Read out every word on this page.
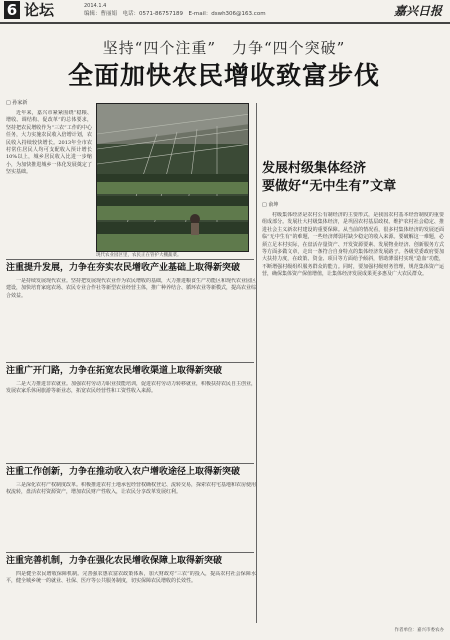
6 论坛	2014.1.4
编辑：曹丽娟　电话：0571-86757189　E-mail：dswh306@163.com	嘉兴日报
坚持“四个注重”　力争“四个突破”
全面加快农民增收致富步伐
□ 孙家新

近年来，嘉兴市紧紧围绕“稳粮、增收、调结构、促改革”的总体要求，坚持把农民增收作为“三农”工作的中心任务，大力实施农民收入倍增计划，农民收入持续较快增长。2013年全市农村常住居民人均可支配收入预计增长10%以上，城乡居民收入比进一步缩小，为加快推进城乡一体化发展奠定了坚实基础。

现代农业园区里，农民正在管护大棚蔬菜。
发展村级集体经济
要做好“无中生有”文章
□ 俞坤

村级集体经济是农村公有制经济的主要形式，是我国农村基本经营制度的重要组成部分。发展壮大村级集体经济，是巩固农村基层政权、维护农村社会稳定、推进社会主义新农村建设的重要保障。从当前的情况看，很多村集体经济的发展还面临“无中生有”的难题，一些经济薄弱村缺少稳定的收入来源。要破解这一难题，必须立足本村实际，在盘活存量资产、开发资源要素、发展物业经济、创新服务方式等方面多做文章，走出一条符合自身特点的集体经济发展路子。各级党委政府要加大扶持力度，在政策、资金、项目等方面给予倾斜，帮助薄弱村实现“造血”功能，不断增强村级组织服务群众的能力。同时，要加强村级财务管理，规范集体资产运营，确保集体资产保值增值，让集体经济发展成果更多惠及广大农民群众。

注重提升发展，力争在夯实农民增收产业基础上取得新突破

一是持续发展现代农业。坚持把发展现代农业作为农民增收的基础，大力推进粮食生产功能区和现代农业园区建设，加快培育家庭农场、农民专业合作社等新型农业经营主体，推广种养结合、循环农业等新模式，提高农业综合效益。

注重广开门路，力争在拓宽农民增收渠道上取得新突破

二是大力推进非农就业。加强农村劳动力职业技能培训，促进农村劳动力转移就业，积极扶持农民自主创业，发展农家乐休闲旅游等新业态，拓宽农民经营性和工资性收入来源。

注重工作创新，力争在推动收入农户增收途径上取得新突破

三是深化农村产权制度改革。积极推进农村土地承包经营权确权登记、流转交易，探索农村宅基地和农房使用权流转，盘活农村资源资产，增加农民财产性收入，让农民分享改革发展红利。

注重完善机制，力争在强化农民增收保障上取得新突破

四是健全农民增收保障机制。完善强农惠农富农政策体系，加大财政对“三农”的投入，提高农村社会保障水平，健全城乡统一的就业、社保、医疗等公共服务制度，切实保障农民增收的长效性。

作者单位：嘉兴市委农办
